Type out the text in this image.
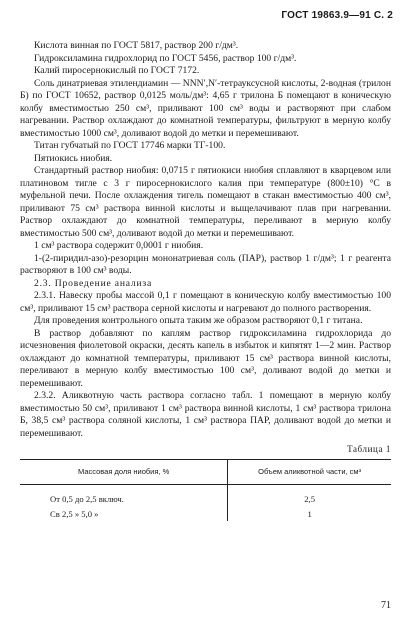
ГОСТ 19863.9—91 С. 2

Кислота винная по ГОСТ 5817, раствор 200 г/дм³.

Гидроксиламина гидрохлорид по ГОСТ 5456, раствор 100 г/дм³.

Калий пиросернокислый по ГОСТ 7172.

Соль динатриевая этилендиамин — NNN′,N′-тетрауксусной кислоты, 2-водная (трилон Б) по ГОСТ 10652, раствор 0,0125 моль/дм³: 4,65 г трилона Б помещают в коническую колбу вместимостью 250 см³, приливают 100 см³ воды и растворяют при слабом нагревании. Раствор охлаждают до комнатной температуры, фильтруют в мерную колбу вместимостью 1000 см³, доливают водой до метки и перемешивают.

Титан губчатый по ГОСТ 17746 марки ТГ-100.

Пятиокись ниобия.

Стандартный раствор ниобия: 0,0715 г пятиокиси ниобия сплавляют в кварцевом или платиновом тигле с 3 г пиросернокислого калия при температуре (800±10) °С в муфельной печи. После охлаждения тигель помещают в стакан вместимостью 400 см³, приливают 75 см³ раствора винной кислоты и выщелачивают плав при нагревании. Раствор охлаждают до комнатной температуры, переливают в мерную колбу вместимостью 500 см³, доливают водой до метки и перемешивают.

1 см³ раствора содержит 0,0001 г ниобия.

1-(2-пиридил-азо)-резорцин мононатриевая соль (ПАР), раствор 1 г/дм³; 1 г реагента растворяют в 100 см³ воды.

2.3. Проведение анализа

2.3.1. Навеску пробы массой 0,1 г помещают в коническую колбу вместимостью 100 см³, приливают 15 см³ раствора серной кислоты и нагревают до полного растворения.

Для проведения контрольного опыта таким же образом растворяют 0,1 г титана.

В раствор добавляют по каплям раствор гидроксиламина гидрохлорида до исчезновения фиолетовой окраски, десять капель в избыток и кипятят 1—2 мин. Раствор охлаждают до комнатной температуры, приливают 15 см³ раствора винной кислоты, переливают в мерную колбу вместимостью 100 см³, доливают водой до метки и перемешивают.

2.3.2. Аликвотную часть раствора согласно табл. 1 помещают в мерную колбу вместимостью 50 см³, приливают 1 см³ раствора винной кислоты, 1 см³ раствора трилона Б, 38,5 см³ раствора соляной кислоты, 1 см³ раствора ПАР, доливают водой до метки и перемешивают.

Таблица 1
Массовая доля ниобия, %	Объем аликвотной части, см³
От 0,5 до 2,5 включ.	2,5
Св 2,5 » 5,0 »	1
71
